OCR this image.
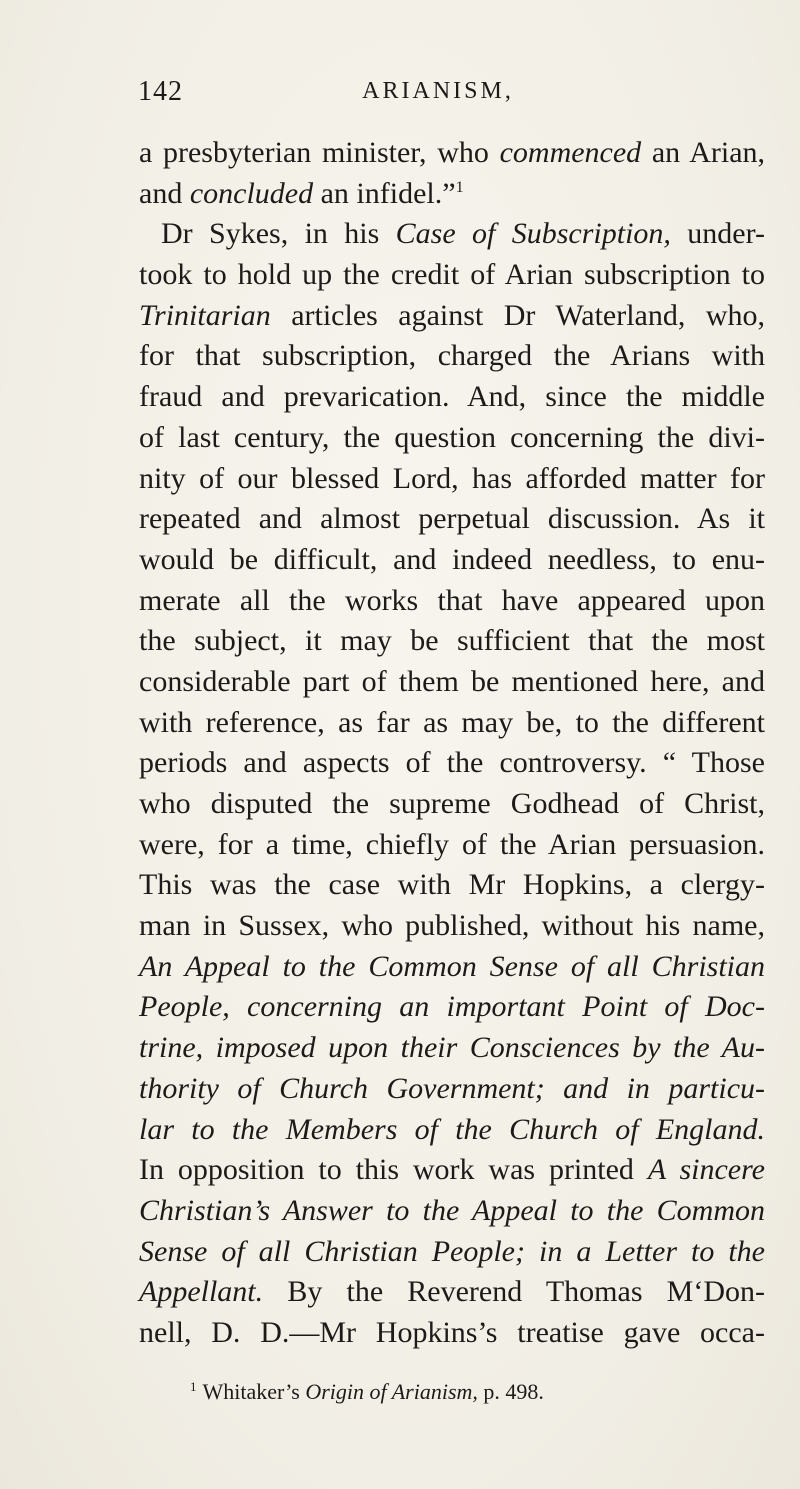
142	ARIANISM,
a presbyterian minister, who commenced an Arian,
and concluded an infidel.”$^1$
Dr Sykes, in his Case of Subscription, under-
took to hold up the credit of Arian subscription to
Trinitarian articles against Dr Waterland, who,
for that subscription, charged the Arians with
fraud and prevarication. And, since the middle
of last century, the question concerning the divi-
nity of our blessed Lord, has afforded matter for
repeated and almost perpetual discussion. As it
would be difficult, and indeed needless, to enu-
merate all the works that have appeared upon
the subject, it may be sufficient that the most
considerable part of them be mentioned here, and
with reference, as far as may be, to the different
periods and aspects of the controversy. “ Those
who disputed the supreme Godhead of Christ,
were, for a time, chiefly of the Arian persuasion.
This was the case with Mr Hopkins, a clergy-
man in Sussex, who published, without his name,
An Appeal to the Common Sense of all Christian
People, concerning an important Point of Doc-
trine, imposed upon their Consciences by the Au-
thority of Church Government; and in particu-
lar to the Members of the Church of England.
In opposition to this work was printed A sincere
Christian’s Answer to the Appeal to the Common
Sense of all Christian People; in a Letter to the
Appellant. By the Reverend Thomas M‘Don-
nell, D. D.—Mr Hopkins’s treatise gave occa-
$^1$ Whitaker’s Origin of Arianism, p. 498.
